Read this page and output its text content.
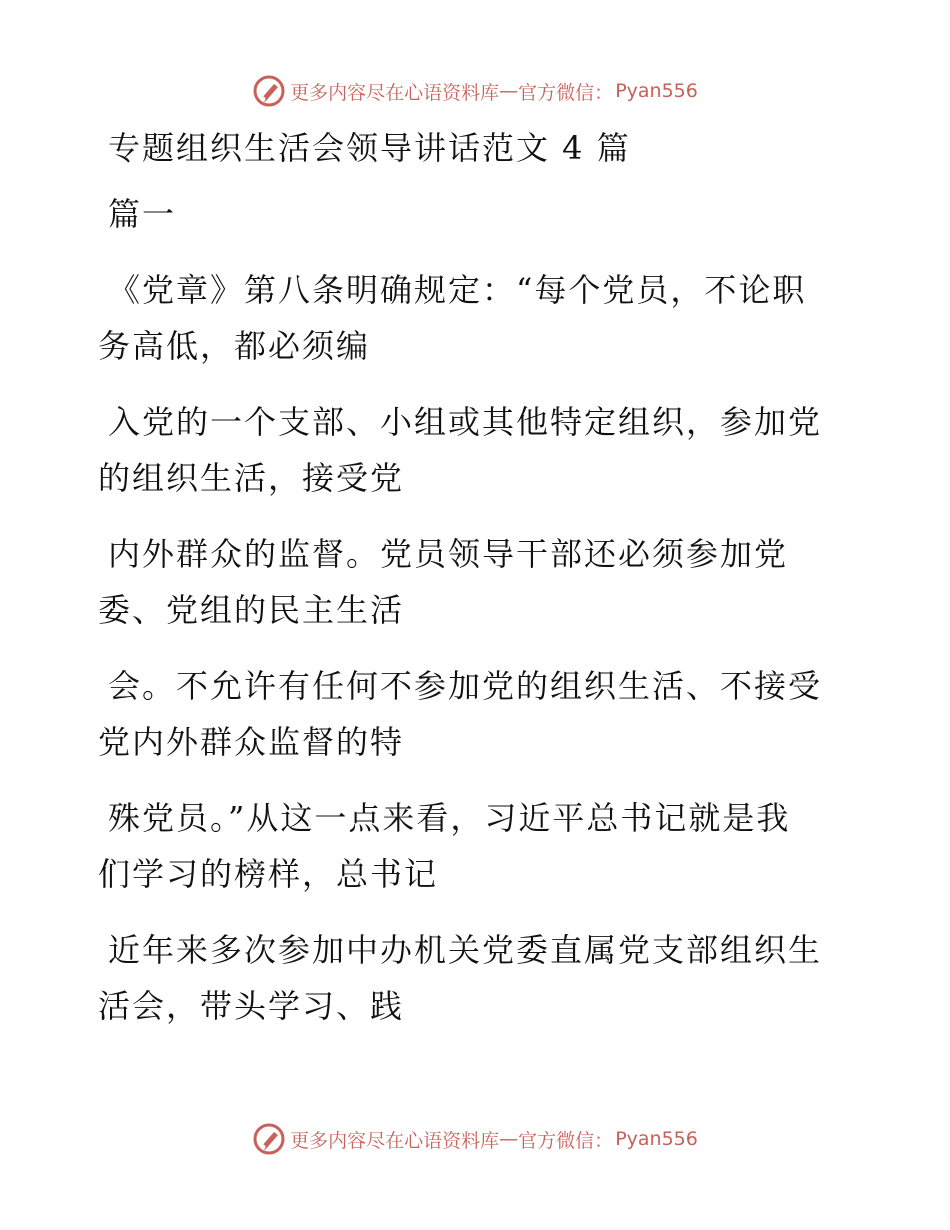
更多内容尽在心语资料库 — 官方微信： Pyan556
专题组织生活会领导讲话范文 4 篇
篇一
《党章》第八条明确规定：“每个党员，不论职
务高低，都必须编
入党的一个支部、小组或其他特定组织，参加党
的组织生活，接受党
内外群众的监督。党员领导干部还必须参加党
委、党组的民主生活
会。不允许有任何不参加党的组织生活、不接受
党内外群众监督的特
殊党员。”从这一点来看，习近平总书记就是我
们学习的榜样，总书记
近年来多次参加中办机关党委直属党支部组织生
活会，带头学习、践
更多内容尽在心语资料库 — 官方微信： Pyan556
